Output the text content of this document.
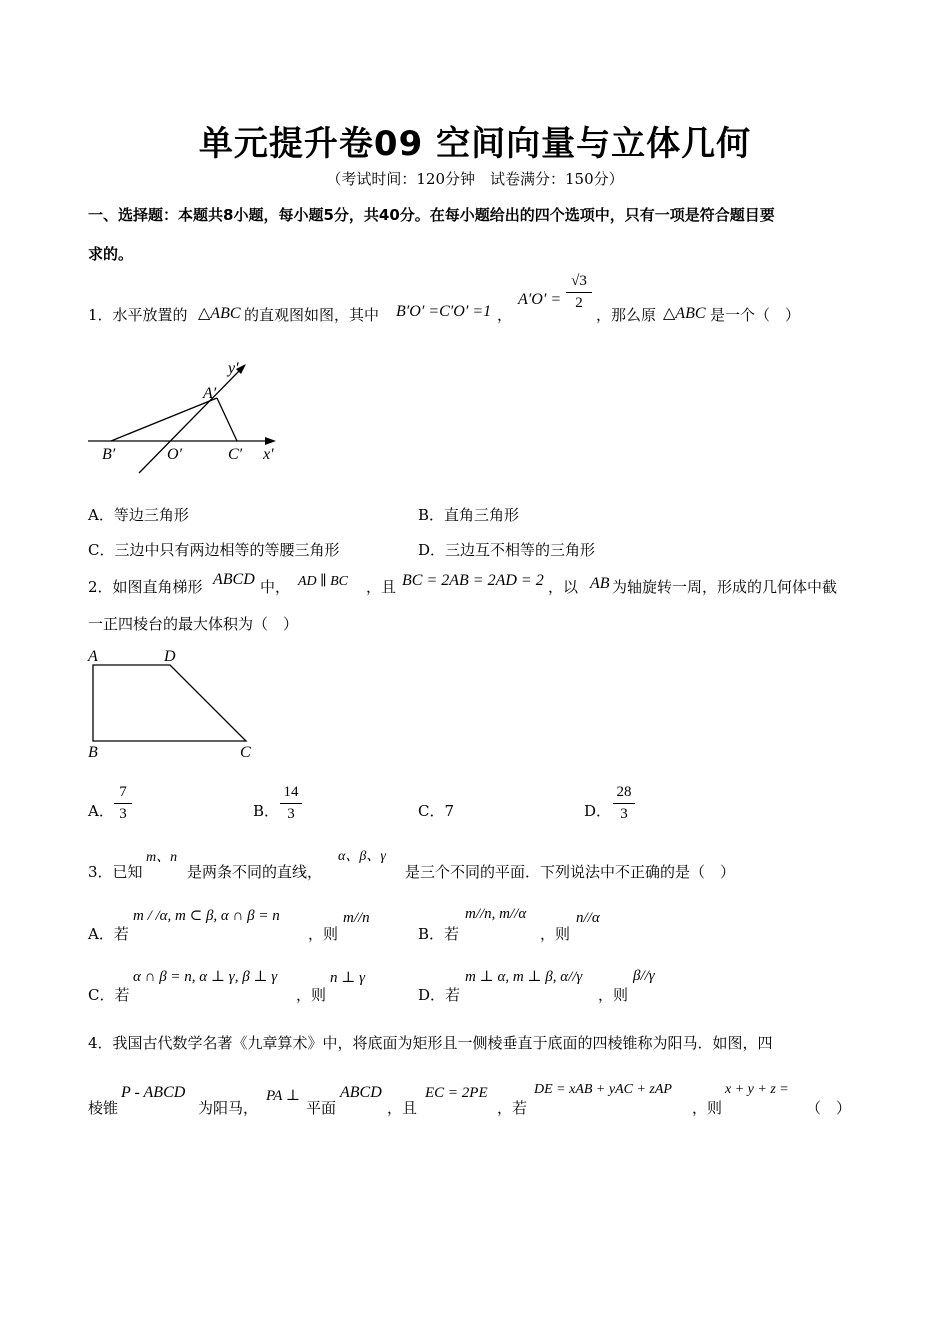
单元提升卷09 空间向量与立体几何
（考试时间：120分钟　试卷满分：150分）
一、选择题：本题共8小题，每小题5分，共40分。在每小题给出的四个选项中，只有一项是符合题目要
求的。
1．水平放置的 △ABC 的直观图如图，其中 B′O′ =C′O′ =1 ，
A′O′ =
√3
2
，那么原 △ABC 是一个（　）
y′
A′
B′	O′	C′ x′
A．等边三角形	B．直角三角形
C．三边中只有两边相等的等腰三角形	D．三边互不相等的三角形
2．如图直角梯形 ABCD 中， AD ∥ BC ，且 BC = 2AB = 2AD = 2 ，以 AB 为轴旋转一周，形成的几何体中截
一正四棱台的最大体积为（　）
A	D
B	C
A．
7
3	B．
14
3	C．7	D．
28
3
3．已知
m、n
是两条不同的直线，
α、β、γ
是三个不同的平面．下列说法中不正确的是（　）
A．若
m / /α, m ⊂ β, α ∩ β = n
，则
m//n
B．若
m//n, m//α
，则
n//α
C．若
α ∩ β = n, α ⊥ γ, β ⊥ γ
，则
n ⊥ γ
D．若
m ⊥ α, m ⊥ β, α//γ
，则
β//γ
4．我国古代数学名著《九章算术》中，将底面为矩形且一侧棱垂直于底面的四棱锥称为阳马．如图，四
棱锥
P - ABCD
为阳马，
PA ⊥
平面
ABCD
，且
EC = 2PE
，若
DE = xAB + yAC + zAP
，则
x + y + z =
（　）
